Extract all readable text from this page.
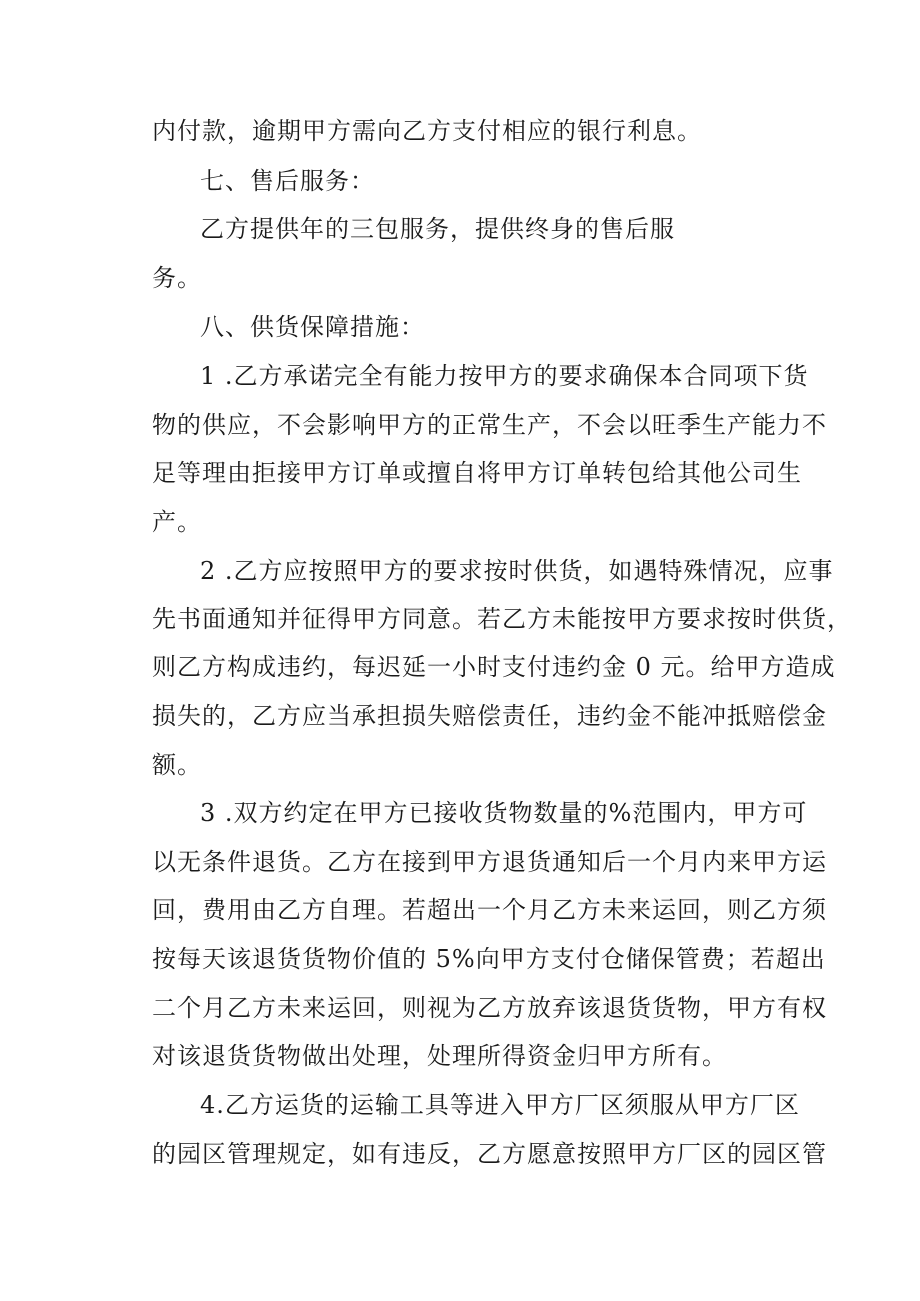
内付款，逾期甲方需向乙方支付相应的银行利息。
七、售后服务：
乙方提供年的三包服务，提供终身的售后服
务。
八、供货保障措施：
1 .乙方承诺完全有能力按甲方的要求确保本合同项下货
物的供应，不会影响甲方的正常生产，不会以旺季生产能力不
足等理由拒接甲方订单或擅自将甲方订单转包给其他公司生
产。
2 .乙方应按照甲方的要求按时供货，如遇特殊情况，应事
先书面通知并征得甲方同意。若乙方未能按甲方要求按时供货，
则乙方构成违约，每迟延一小时支付违约金 0 元。给甲方造成
损失的，乙方应当承担损失赔偿责任，违约金不能冲抵赔偿金
额。
3 .双方约定在甲方已接收货物数量的%范围内，甲方可
以无条件退货。乙方在接到甲方退货通知后一个月内来甲方运
回，费用由乙方自理。若超出一个月乙方未来运回，则乙方须
按每天该退货货物价值的 5%向甲方支付仓储保管费；若超出
二个月乙方未来运回，则视为乙方放弃该退货货物，甲方有权
对该退货货物做出处理，处理所得资金归甲方所有。
4.乙方运货的运输工具等进入甲方厂区须服从甲方厂区
的园区管理规定，如有违反，乙方愿意按照甲方厂区的园区管
